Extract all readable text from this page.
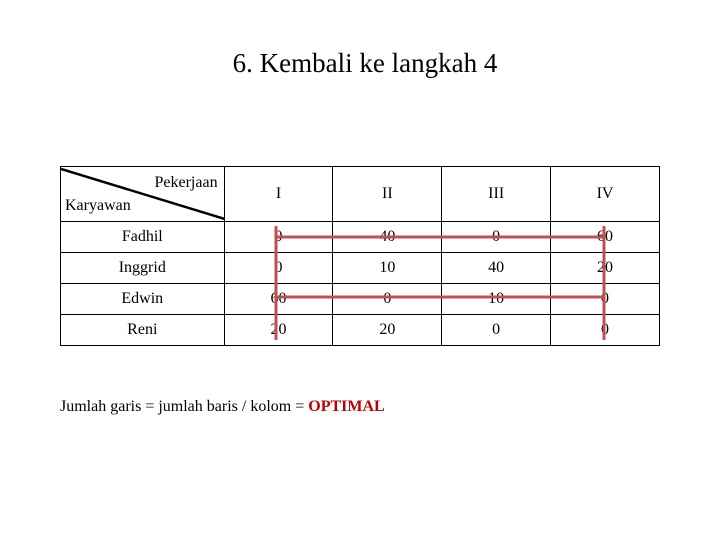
6. Kembali ke langkah 4
Pekerjaan
Karyawan	I	II	III	IV
Fadhil	0	40	0	60
Inggrid	0	10	40	20
Edwin	60	0	10	0
Reni	20	20	0	0
Jumlah garis = jumlah baris / kolom = OPTIMAL
